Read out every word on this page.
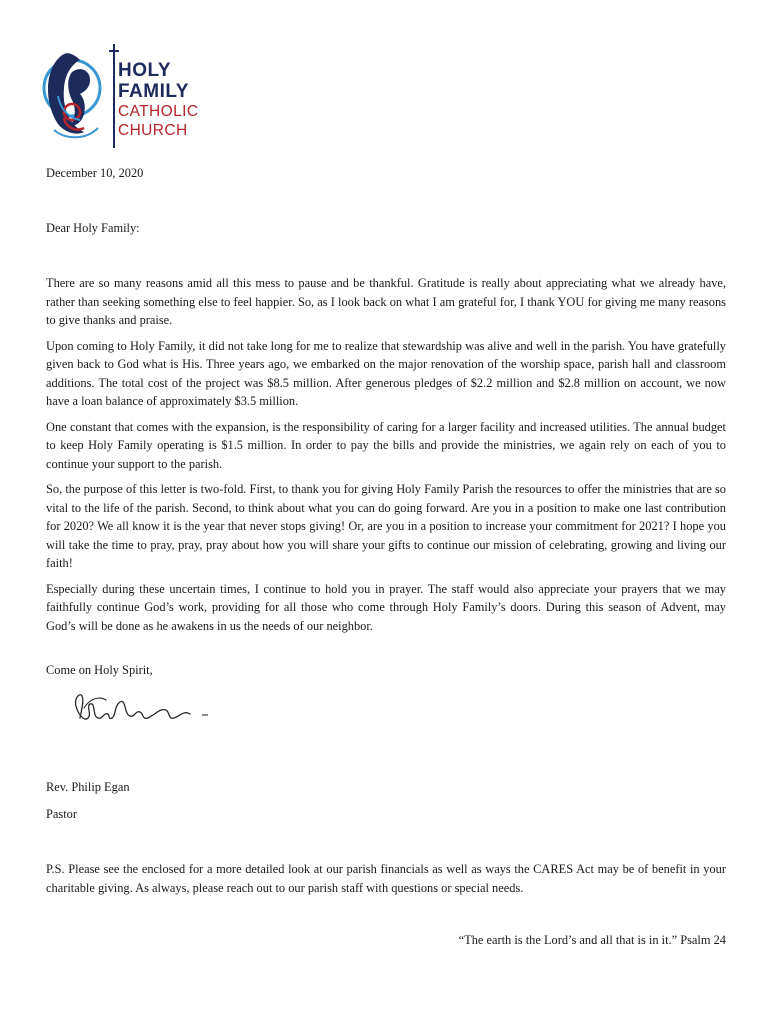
HOLY
FAMILY
CATHOLIC
CHURCH
December 10, 2020
Dear Holy Family:

There are so many reasons amid all this mess to pause and be thankful. Gratitude is really about appreciating what we already have, rather than seeking something else to feel happier. So, as I look back on what I am grateful for, I thank YOU for giving me many reasons to give thanks and praise.

Upon coming to Holy Family, it did not take long for me to realize that stewardship was alive and well in the parish. You have gratefully given back to God what is His. Three years ago, we embarked on the major renovation of the worship space, parish hall and classroom additions. The total cost of the project was $8.5 million. After generous pledges of $2.2 million and $2.8 million on account, we now have a loan balance of approximately $3.5 million.

One constant that comes with the expansion, is the responsibility of caring for a larger facility and increased utilities. The annual budget to keep Holy Family operating is $1.5 million. In order to pay the bills and provide the ministries, we again rely on each of you to continue your support to the parish.

So, the purpose of this letter is two-fold. First, to thank you for giving Holy Family Parish the resources to offer the ministries that are so vital to the life of the parish. Second, to think about what you can do going forward. Are you in a position to make one last contribution for 2020? We all know it is the year that never stops giving! Or, are you in a position to increase your commitment for 2021? I hope you will take the time to pray, pray, pray about how you will share your gifts to continue our mission of celebrating, growing and living our faith!

Especially during these uncertain times, I continue to hold you in prayer. The staff would also appreciate your prayers that we may faithfully continue God’s work, providing for all those who come through Holy Family’s doors. During this season of Advent, may God’s will be done as he awakens in us the needs of our neighbor.

Come on Holy Spirit,
Rev. Philip Egan
Pastor

P.S. Please see the enclosed for a more detailed look at our parish financials as well as ways the CARES Act may be of benefit in your charitable giving. As always, please reach out to our parish staff with questions or special needs.

“The earth is the Lord’s and all that is in it.” Psalm 24
